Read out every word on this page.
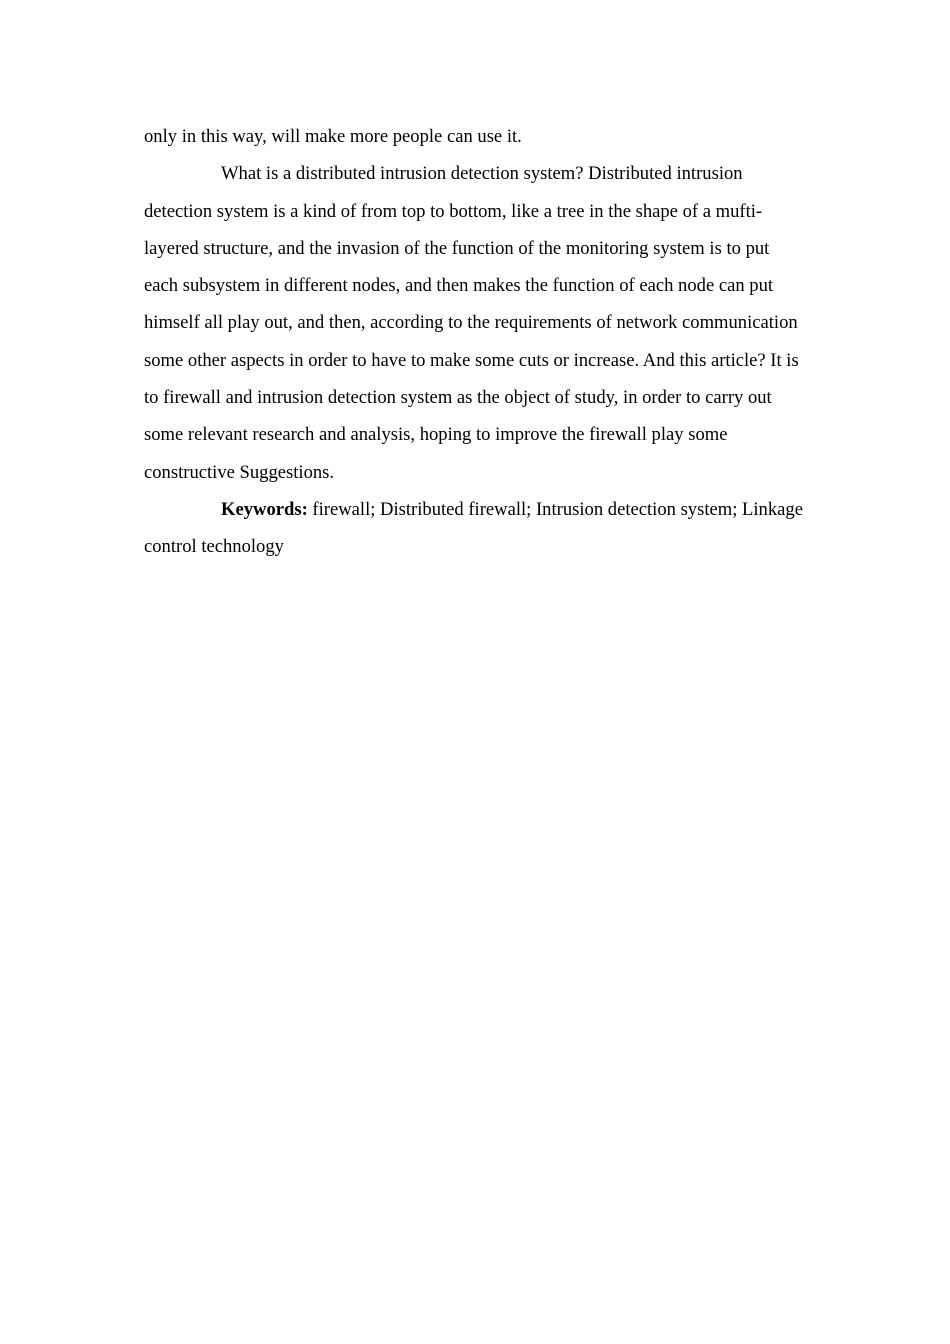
only in this way, will make more people can use it.

What is a distributed intrusion detection system? Distributed intrusion detection system is a kind of from top to bottom, like a tree in the shape of a mufti-layered structure, and the invasion of the function of the monitoring system is to put each subsystem in different nodes, and then makes the function of each node can put himself all play out, and then, according to the requirements of network communication some other aspects in order to have to make some cuts or increase. And this article? It is to firewall and intrusion detection system as the object of study, in order to carry out some relevant research and analysis, hoping to improve the firewall play some constructive Suggestions.

Keywords: firewall; Distributed firewall; Intrusion detection system; Linkage control technology
